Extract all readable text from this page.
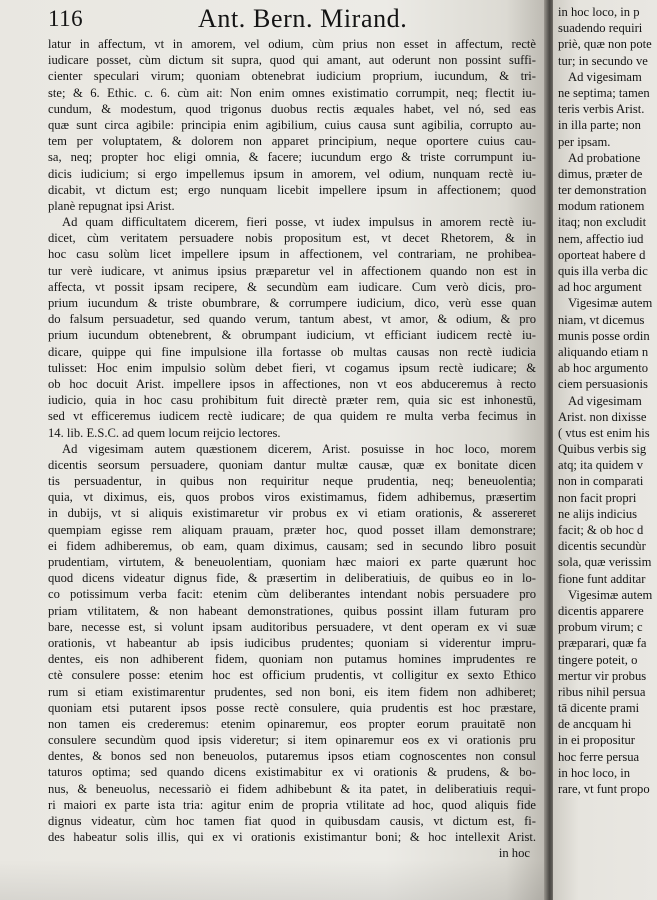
116	Ant. Bern. Mirand.
latur in affectum, vt in amorem, vel odium, cùm prius non esset in affectum, rectè
iudicare posset, cùm dictum sit supra, quod qui amant, aut oderunt non possint suffi-
cienter speculari virum; quoniam obtenebrat iudicium proprium, iucundum, & tri-
ste; & 6. Ethic. c. 6. cùm ait: Non enim omnes existimatio corrumpit, neq; flectit iu-
cundum, & modestum, quod trigonus duobus rectis æquales habet, vel nó, sed eas
quæ sunt circa agibile: principia enim agibilium, cuius causa sunt agibilia, corrupto au-
tem per voluptatem, & dolorem non apparet principium, neque oportere cuius cau-
sa, neq; propter hoc eligi omnia, & facere; iucundum ergo & triste corrumpunt iu-
dicis iudicium; si ergo impellemus ipsum in amorem, vel odium, nunquam rectè iu-
dicabit, vt dictum est; ergo nunquam licebit impellere ipsum in affectionem; quod
planè repugnat ipsi Arist.
Ad quam difficultatem dicerem, fieri posse, vt iudex impulsus in amorem rectè iu-
dicet, cùm veritatem persuadere nobis propositum est, vt decet Rhetorem, & in
hoc casu solùm licet impellere ipsum in affectionem, vel contrariam, ne prohibea-
tur verè iudicare, vt animus ipsius præparetur vel in affectionem quando non est in
affecta, vt possit ipsam recipere, & secundùm eam iudicare. Cum verò dicis, pro-
prium iucundum & triste obumbrare, & corrumpere iudicium, dico, verù esse quan
do falsum persuadetur, sed quando verum, tantum abest, vt amor, & odium, & pro
prium iucundum obtenebrent, & obrumpant iudicium, vt efficiant iudicem rectè iu-
dicare, quippe qui fine impulsione illa fortasse ob multas causas non rectè iudicia
tulisset: Hoc enim impulsio solùm debet fieri, vt cogamus ipsum rectè iudicare; &
ob hoc docuit Arist. impellere ipsos in affectiones, non vt eos abduceremus à recto
iudicio, quia in hoc casu prohibitum fuit directè præter rem, quia sic est inhonestū,
sed vt efficeremus iudicem rectè iudicare; de qua quidem re multa verba fecimus in
14. lib. E.S.C. ad quem locum reijcio lectores.
Ad vigesimam autem quæstionem dicerem, Arist. posuisse in hoc loco, morem
dicentis seorsum persuadere, quoniam dantur multæ causæ, quæ ex bonitate dicen
tis persuadentur, in quibus non requiritur neque prudentia, neq; beneuolentia;
quia, vt diximus, eis, quos probos viros existimamus, fidem adhibemus, præsertim
in dubijs, vt si aliquis existimaretur vir probus ex vi etiam orationis, & assereret
quempiam egisse rem aliquam prauam, præter hoc, quod posset illam demonstrare;
ei fidem adhiberemus, ob eam, quam diximus, causam; sed in secundo libro posuit
prudentiam, virtutem, & beneuolentiam, quoniam hæc maiori ex parte quærunt hoc
quod dicens videatur dignus fide, & præsertim in deliberatiuis, de quibus eo in lo-
co potissimum verba facit: etenim cùm deliberantes intendant nobis persuadere pro
priam vtilitatem, & non habeant demonstrationes, quibus possint illam futuram pro
bare, necesse est, si volunt ipsam auditoribus persuadere, vt dent operam ex vi suæ
orationis, vt habeantur ab ipsis iudicibus prudentes; quoniam si viderentur impru-
dentes, eis non adhiberent fidem, quoniam non putamus homines imprudentes re
ctè consulere posse: etenim hoc est officium prudentis, vt colligitur ex sexto Ethico
rum si etiam existimarentur prudentes, sed non boni, eis item fidem non adhiberet;
quoniam etsi putarent ipsos posse rectè consulere, quia prudentis est hoc præstare,
non tamen eis crederemus: etenim opinaremur, eos propter eorum prauitatē non
consulere secundùm quod ipsis videretur; si item opinaremur eos ex vi orationis pru
dentes, & bonos sed non beneuolos, putaremus ipsos etiam cognoscentes non consul
taturos optima; sed quando dicens existimabitur ex vi orationis & prudens, & bo-
nus, & beneuolus, necessariò ei fidem adhibebunt & ita patet, in deliberatiuis requi-
ri maiori ex parte ista tria: agitur enim de propria vtilitate ad hoc, quod aliquis fide
dignus videatur, cùm hoc tamen fiat quod in quibusdam causis, vt dictum est, fi-
des habeatur solis illis, qui ex vi orationis existimantur boni; & hoc intellexit Arist.
in hoc
in hoc loco, in p
suadendo requiri
priè, quæ non pote
tur; in secundo ve
Ad vigesimam
ne septima; tamen
teris verbis Arist.
in illa parte; non
per ipsam.
Ad probatione
dimus, præter de
ter demonstration
modum rationem
itaq; non excludit
nem, affectio iud
oporteat habere d
quis illa verba dic
ad hoc argument
Vigesimæ autem
niam, vt dicemus
munis posse ordin
aliquando etiam n
ab hoc argumento
ciem persuasionis
Ad vigesimam
Arist. non dixisse
( vtus est enim his
Quibus verbis sig
atq; ita quidem v
non in comparati
non facit propri
ne alijs indicius
facit; & ob hoc d
dicentis secundùr
sola, quæ verissim
fione funt additar
Vigesimæ autem
dicentis apparere
probum virum; c
præparari, quæ fa
tingere poteit, o
mertur vir probus
ribus nihil persua
tā dicente prami
de ancquam hi
in ei propositur
hoc ferre persua
in hoc loco, in
rare, vt funt propo
